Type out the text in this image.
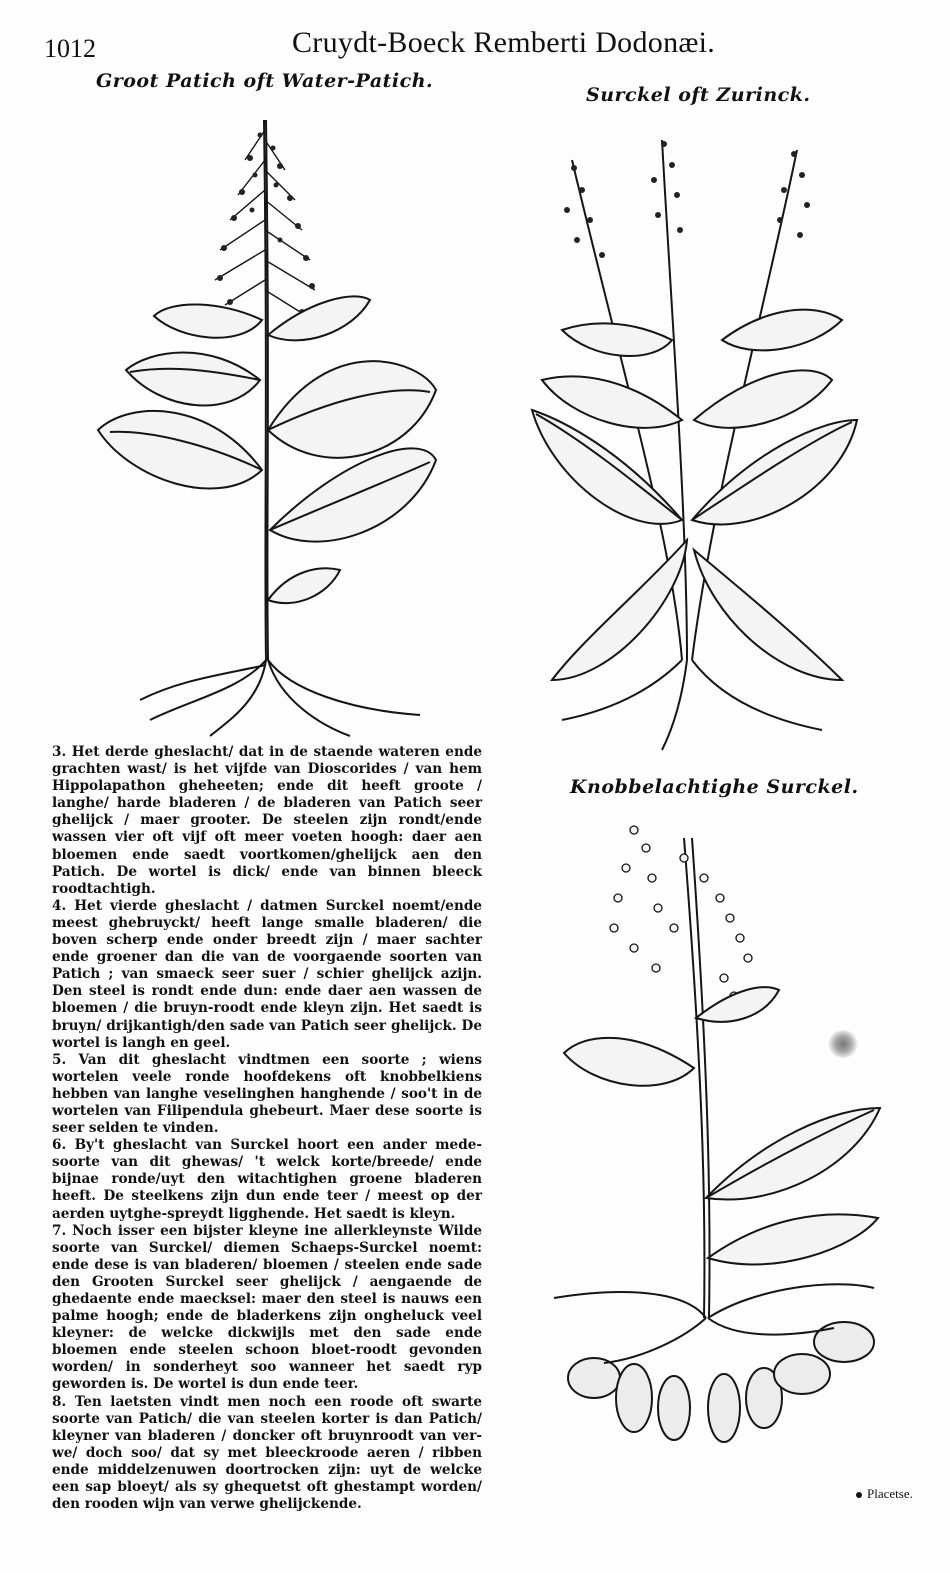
1012	Cruydt-Boeck Remberti Dodonæi.
Groot Patich oft Water-Patich.
Surckel oft Zurinck.
Knobbelachtighe Surckel.

3. Het derde gheslacht/ dat in de staende wateren ende grachten wast/ is het vijfde van Dioscorides / van hem Hippolapathon gheheeten; ende dit heeft groote / langhe/ harde bladeren / de bladeren van Patich seer ghelijck / maer grooter. De steelen zijn rondt/ende wassen vier oft vijf oft meer voeten hoogh: daer aen bloemen ende saedt voortkomen/ghelijck aen den Patich. De wortel is dick/ ende van binnen bleeck roodtachtigh.

4. Het vierde gheslacht / datmen Surckel noemt/ende meest ghebruyckt/ heeft lange smalle bladeren/ die boven scherp ende onder breedt zijn / maer sachter ende groener dan die van de voorgaende soorten van Patich ; van smaeck seer suer / schier ghelijck azijn. Den steel is rondt ende dun: ende daer aen wassen de bloemen / die bruyn-roodt ende kleyn zijn. Het saedt is bruyn/ drijkantigh/den sade van Patich seer ghelijck. De wortel is langh en geel.

5. Van dit gheslacht vindtmen een soorte ; wiens wortelen veele ronde hoofdekens oft knobbelkiens hebben van langhe veselinghen hanghende / soo't in de wortelen van Filipendula ghebeurt. Maer dese soorte is seer selden te vinden.

6. By't gheslacht van Surckel hoort een ander mede-soorte van dit ghewas/ 't welck korte/breede/ ende bijnae ronde/uyt den witachtighen groene bladeren heeft. De steelkens zijn dun ende teer / meest op der aerden uytghe-spreydt ligghende. Het saedt is kleyn.

7. Noch isser een bijster kleyne ine allerkleynste Wilde soorte van Surckel/ diemen Schaeps-Surckel noemt: ende dese is van bladeren/ bloemen / steelen ende sade den Grooten Surckel seer ghelijck / aengaende de ghedaente ende maecksel: maer den steel is nauws een palme hoogh; ende de bladerkens zijn ongheluck veel kleyner: de welcke dickwijls met den sade ende bloemen ende steelen schoon bloet-roodt gevonden worden/ in sonderheyt soo wanneer het saedt ryp geworden is. De wortel is dun ende teer.

8. Ten laetsten vindt men noch een roode oft swarte soorte van Patich/ die van steelen korter is dan Patich/ kleyner van bladeren / doncker oft bruynroodt van ver-we/ doch soo/ dat sy met bleeckroode aeren / ribben ende middelzenuwen doortrocken zijn: uyt de welcke een sap bloeyt/ als sy ghequetst oft ghestampt worden/ den rooden wijn van verwe ghelijckende.

Placetse.
